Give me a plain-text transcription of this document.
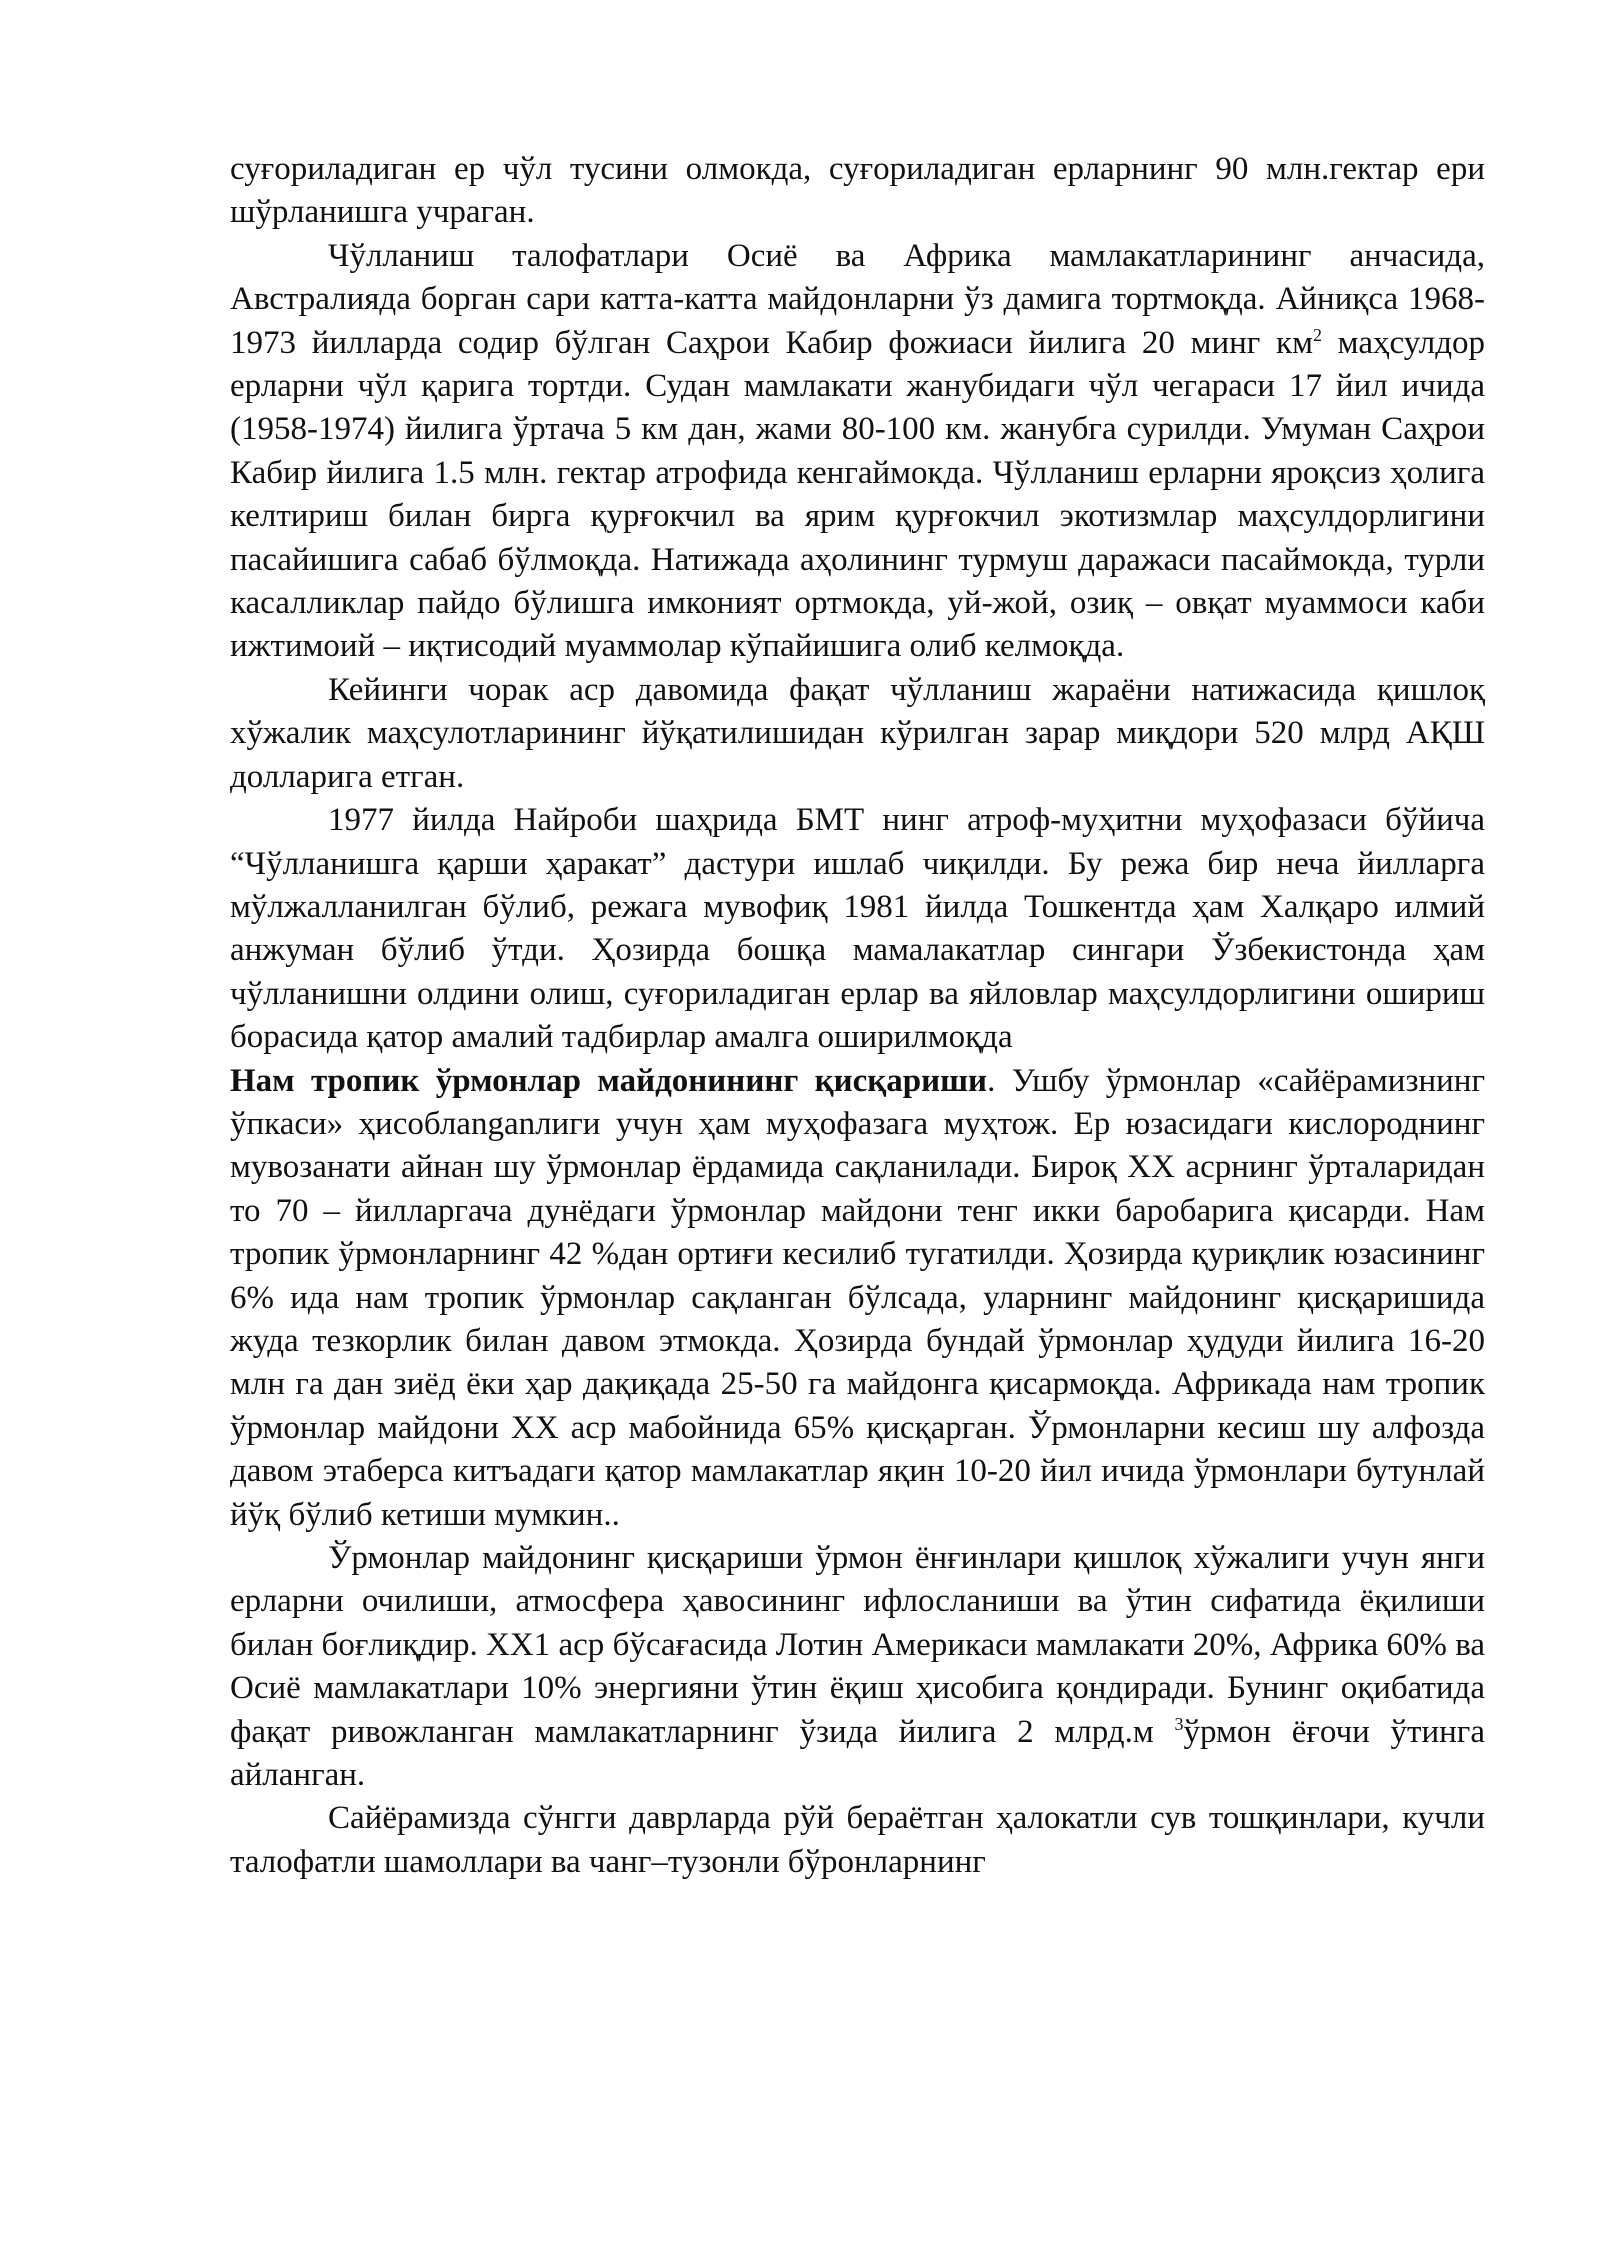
суғориладиган ер чўл тусини олмокда, суғориладиган ерларнинг 90 млн.гектар ери шўрланишга учраган.

Чўлланиш талофатлари Осиё ва Африка мамлакатларининг анчасида, Австралияда борган сари катта-катта майдонларни ўз дамига тортмоқда. Айниқса 1968-1973 йилларда содир бўлган Саҳрои Кабир фожиаси йилига 20 минг $км^2$ маҳсулдор ерларни чўл қарига тортди. Судан мамлакати жанубидаги чўл чегараси 17 йил ичида (1958-1974) йилига ўртача 5 км дан, жами 80-100 км. жанубга сурилди. Умуман Саҳрои Кабир йилига 1.5 млн. гектар атрофида кенгаймокда. Чўлланиш ерларни яроқсиз ҳолига келтириш билан бирга қурғокчил ва ярим қурғокчил экотизмлар маҳсулдорлигини пасайишига сабаб бўлмоқда. Натижада аҳолининг турмуш даражаси пасаймокда, турли касалликлар пайдо бўлишга имконият ортмокда, уй-жой, озиқ – овқат муаммоси каби ижтимоий – иқтисодий муаммолар кўпайишига олиб келмоқда.

Кейинги чорак аср давомида фақат чўлланиш жараёни натижасида қишлоқ хўжалик маҳсулотларининг йўқатилишидан кўрилган зарар миқдори 520 млрд АҚШ долларига етган.

1977 йилда Найроби шаҳрида БМТ нинг атроф-муҳитни муҳофазаси бўйича “Чўлланишга қарши ҳаракат” дастури ишлаб чиқилди. Бу режа бир неча йилларга мўлжалланилган бўлиб, режага мувофиқ 1981 йилда Тошкентда ҳам Халқаро илмий анжуман бўлиб ўтди. Ҳозирда бошқа мамалакатлар сингари Ўзбекистонда ҳам чўлланишни олдини олиш, суғориладиган ерлар ва яйловлар маҳсулдорлигини ошириш борасида қатор амалий тадбирлар амалга оширилмоқда

Нам тропик ўрмонлар майдонининг қисқариши. Ушбу ўрмонлар «сайёрамизнинг ўпкаси» ҳисоблanganлиги учун ҳам муҳофазага муҳтож. Ер юзасидаги кислороднинг мувозанати айнан шу ўрмонлар ёрдамида сақланилади. Бироқ XX асрнинг ўрталаридан то 70 – йилларгача дунёдаги ўрмонлар майдони тенг икки баробарига қисарди. Нам тропик ўрмонларнинг 42 %дан ортиғи кесилиб тугатилди. Ҳозирда қуриқлик юзасининг 6% ида нам тропик ўрмонлар сақланган бўлсада, уларнинг майдонинг қисқаришида жуда тезкорлик билан давом этмокда. Ҳозирда бундай ўрмонлар ҳудуди йилига 16-20 млн га дан зиёд ёки ҳар дақиқада 25-50 га майдонга қисармоқда. Африкада нам тропик ўрмонлар майдони XX аср мабойнида 65% қисқарган. Ўрмонларни кесиш шу алфозда давом этаберса китъадаги қатор мамлакатлар яқин 10-20 йил ичида ўрмонлари бутунлай йўқ бўлиб кетиши мумкин..

Ўрмонлар майдонинг қисқариши ўрмон ёнғинлари қишлоқ хўжалиги учун янги ерларни очилиши, атмосфера ҳавосининг ифлосланиши ва ўтин сифатида ёқилиши билан боғлиқдир. XX1 аср бўсағасида Лотин Америкаси мамлакати 20%, Африка 60% ва Осиё мамлакатлари 10% энергияни ўтин ёқиш ҳисобига қондиради. Бунинг оқибатида фақат ривожланган мамлакатларнинг ўзида йилига 2 млрд.м $^3$ўрмон ёғочи ўтинга айланган.

Сайёрамизда сўнгги даврларда рўй бераётган ҳалокатли сув тошқинлари, кучли талофатли шамоллари ва чанг–тузонли бўронларнинг
